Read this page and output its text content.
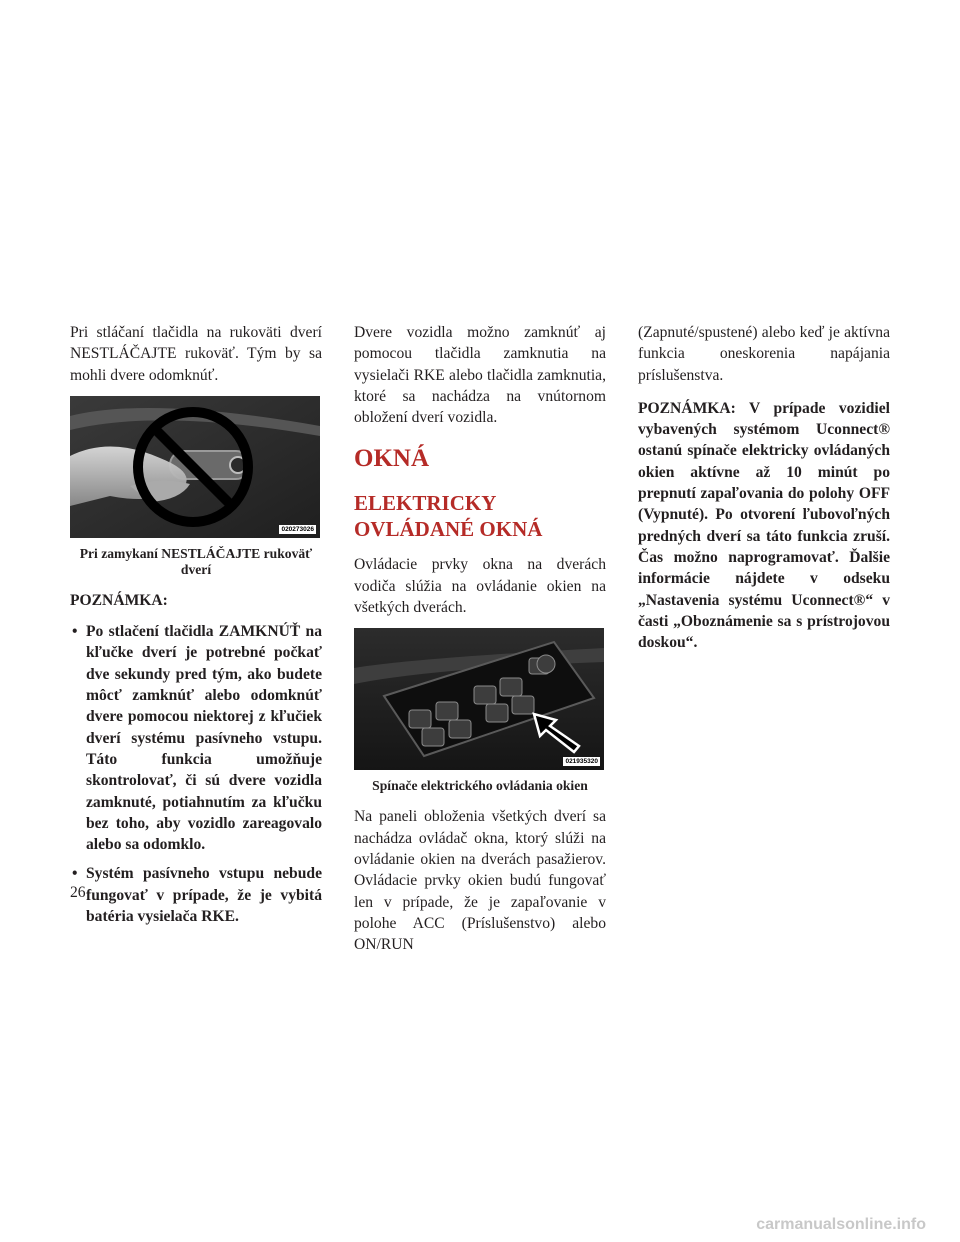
Pri stláčaní tlačidla na rukoväti dverí NESTLÁČAJTE rukoväť. Tým by sa mohli dvere odomknúť.

020273026
Pri zamykaní NESTLÁČAJTE rukoväť dverí

POZNÁMKA:

• Po stlačení tlačidla ZAMKNÚŤ na kľučke dverí je potrebné počkať dve sekundy pred tým, ako budete môcť zamknúť alebo odomknúť dvere pomocou niektorej z kľučiek dverí systému pasívneho vstupu. Táto funkcia umožňuje skontrolovať, či sú dvere vozidla zamknuté, potiahnutím za kľučku bez toho, aby vozidlo zareagovalo alebo sa odomklo.
• Systém pasívneho vstupu nebude fungovať v prípade, že je vybitá batéria vysielača RKE.

Dvere vozidla možno zamknúť aj pomocou tlačidla zamknutia na vysielači RKE alebo tlačidla zamknutia, ktoré sa nachádza na vnútornom obložení dverí vozidla.

OKNÁ
ELEKTRICKY OVLÁDANÉ OKNÁ

Ovládacie prvky okna na dverách vodiča slúžia na ovládanie okien na všetkých dverách.

021935320
Spínače elektrického ovládania okien

Na paneli obloženia všetkých dverí sa nachádza ovládač okna, ktorý slúži na ovládanie okien na dverách pasažierov. Ovládacie prvky okien budú fungovať len v prípade, že je zapaľovanie v polohe ACC (Príslušenstvo) alebo ON/RUN

(Zapnuté/spustené) alebo keď je aktívna funkcia oneskorenia napájania príslušenstva.

POZNÁMKA: V prípade vozidiel vybavených systémom Uconnect® ostanú spínače elektricky ovládaných okien aktívne až 10 minút po prepnutí zapaľovania do polohy OFF (Vypnuté). Po otvorení ľubovoľných predných dverí sa táto funkcia zruší. Čas možno naprogramovať. Ďalšie informácie nájdete v odseku „Nastavenia systému Uconnect®“ v časti „Oboznámenie sa s prístrojovou doskou“.

26
carmanualsonline.info
